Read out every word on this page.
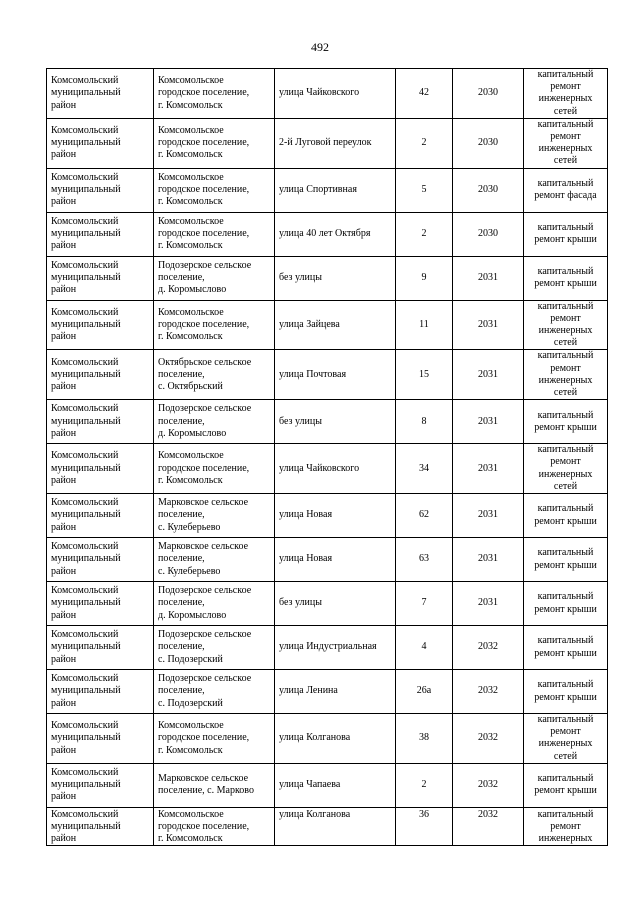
492
Комсомольский
муниципальный
район	Комсомольское
городское поселение,
г. Комсомольск	улица Чайковского	42	2030	капитальный
ремонт
инженерных
сетей

Комсомольский
муниципальный
район	Комсомольское
городское поселение,
г. Комсомольск	2-й Луговой переулок	2	2030	капитальный
ремонт
инженерных
сетей

Комсомольский
муниципальный
район	Комсомольское
городское поселение,
г. Комсомольск	улица Спортивная	5	2030	капитальный
ремонт фасада

Комсомольский
муниципальный
район	Комсомольское
городское поселение,
г. Комсомольск	улица 40 лет Октября	2	2030	капитальный
ремонт крыши

Комсомольский
муниципальный
район	Подозерское сельское
поселение,
д. Коромыслово	без улицы	9	2031	капитальный
ремонт крыши

Комсомольский
муниципальный
район	Комсомольское
городское поселение,
г. Комсомольск	улица Зайцева	11	2031	капитальный
ремонт
инженерных
сетей

Комсомольский
муниципальный
район	Октябрьское сельское
поселение,
с. Октябрьский	улица Почтовая	15	2031	капитальный
ремонт
инженерных
сетей

Комсомольский
муниципальный
район	Подозерское сельское
поселение,
д. Коромыслово	без улицы	8	2031	капитальный
ремонт крыши

Комсомольский
муниципальный
район	Комсомольское
городское поселение,
г. Комсомольск	улица Чайковского	34	2031	капитальный
ремонт
инженерных
сетей

Комсомольский
муниципальный
район	Марковское сельское
поселение,
с. Кулеберьево	улица Новая	62	2031	капитальный
ремонт крыши

Комсомольский
муниципальный
район	Марковское сельское
поселение,
с. Кулеберьево	улица Новая	63	2031	капитальный
ремонт крыши

Комсомольский
муниципальный
район	Подозерское сельское
поселение,
д. Коромыслово	без улицы	7	2031	капитальный
ремонт крыши

Комсомольский
муниципальный
район	Подозерское сельское
поселение,
с. Подозерский	улица Индустриальная	4	2032	капитальный
ремонт крыши

Комсомольский
муниципальный
район	Подозерское сельское
поселение,
с. Подозерский	улица Ленина	26а	2032	капитальный
ремонт крыши

Комсомольский
муниципальный
район	Комсомольское
городское поселение,
г. Комсомольск	улица Колганова	38	2032	капитальный
ремонт
инженерных
сетей

Комсомольский
муниципальный
район	Марковское сельское
поселение, с. Марково	улица Чапаева	2	2032	капитальный
ремонт крыши

Комсомольский
муниципальный
район	Комсомольское
городское поселение,
г. Комсомольск	улица Колганова	36	2032	капитальный
ремонт
инженерных
